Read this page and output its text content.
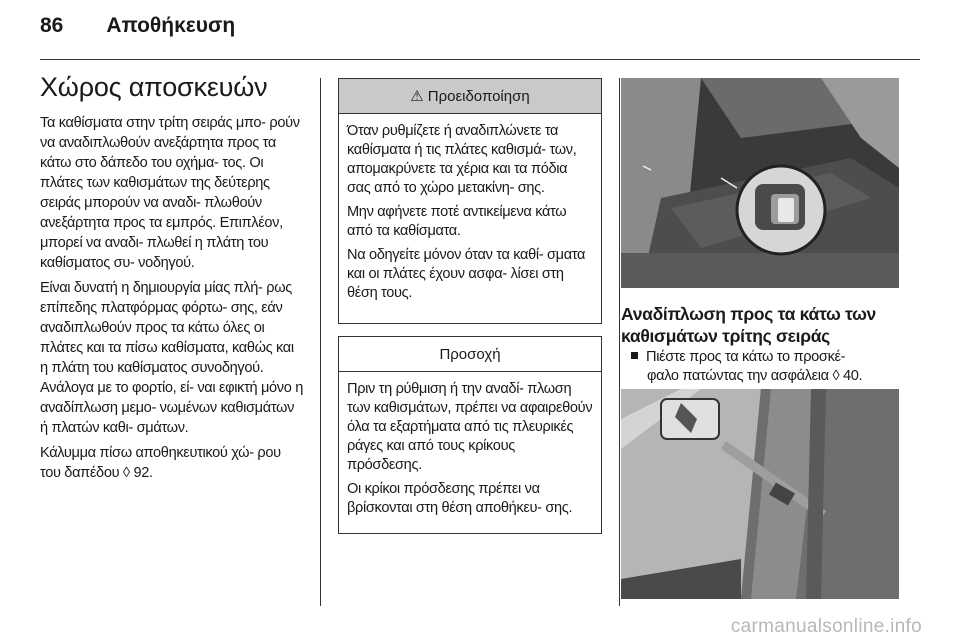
86 Αποθήκευση
Χώρος αποσκευών

Τα καθίσματα στην τρίτη σειράς μπο- ρούν να αναδιπλωθούν ανεξάρτητα προς τα κάτω στο δάπεδο του οχήμα- τος. Οι πλάτες των καθισμάτων της δεύτερης σειράς μπορούν να αναδι- πλωθούν ανεξάρτητα προς τα εμπρός. Επιπλέον, μπορεί να αναδι- πλωθεί η πλάτη του καθίσματος συ- νοδηγού.

Είναι δυνατή η δημιουργία μίας πλή- ρως επίπεδης πλατφόρμας φόρτω- σης, εάν αναδιπλωθούν προς τα κάτω όλες οι πλάτες και τα πίσω καθίσματα, καθώς και η πλάτη του καθίσματος συνοδηγού. Ανάλογα με το φορτίο, εί- ναι εφικτή μόνο η αναδίπλωση μεμο- νωμένων καθισμάτων ή πλατών καθι- σμάτων.

Κάλυμμα πίσω αποθηκευτικού χώ- ρου του δαπέδου ◊ 92.

⚠ Προειδοποίηση

Όταν ρυθμίζετε ή αναδιπλώνετε τα καθίσματα ή τις πλάτες καθισμά- των, απομακρύνετε τα χέρια και τα πόδια σας από το χώρο μετακίνη- σης.

Μην αφήνετε ποτέ αντικείμενα κάτω από τα καθίσματα.

Να οδηγείτε μόνον όταν τα καθί- σματα και οι πλάτες έχουν ασφα- λίσει στη θέση τους.

Προσοχή

Πριν τη ρύθμιση ή την αναδί- πλωση των καθισμάτων, πρέπει να αφαιρεθούν όλα τα εξαρτήματα από τις πλευρικές ράγες και από τους κρίκους πρόσδεσης.

Οι κρίκοι πρόσδεσης πρέπει να βρίσκονται στη θέση αποθήκευ- σης.

Αναδίπλωση προς τα κάτω των καθισμάτων τρίτης σειράς
Πιέστε προς τα κάτω το προσκέ-
φαλο πατώντας την ασφάλεια ◊ 40.
carmanualsonline.info
